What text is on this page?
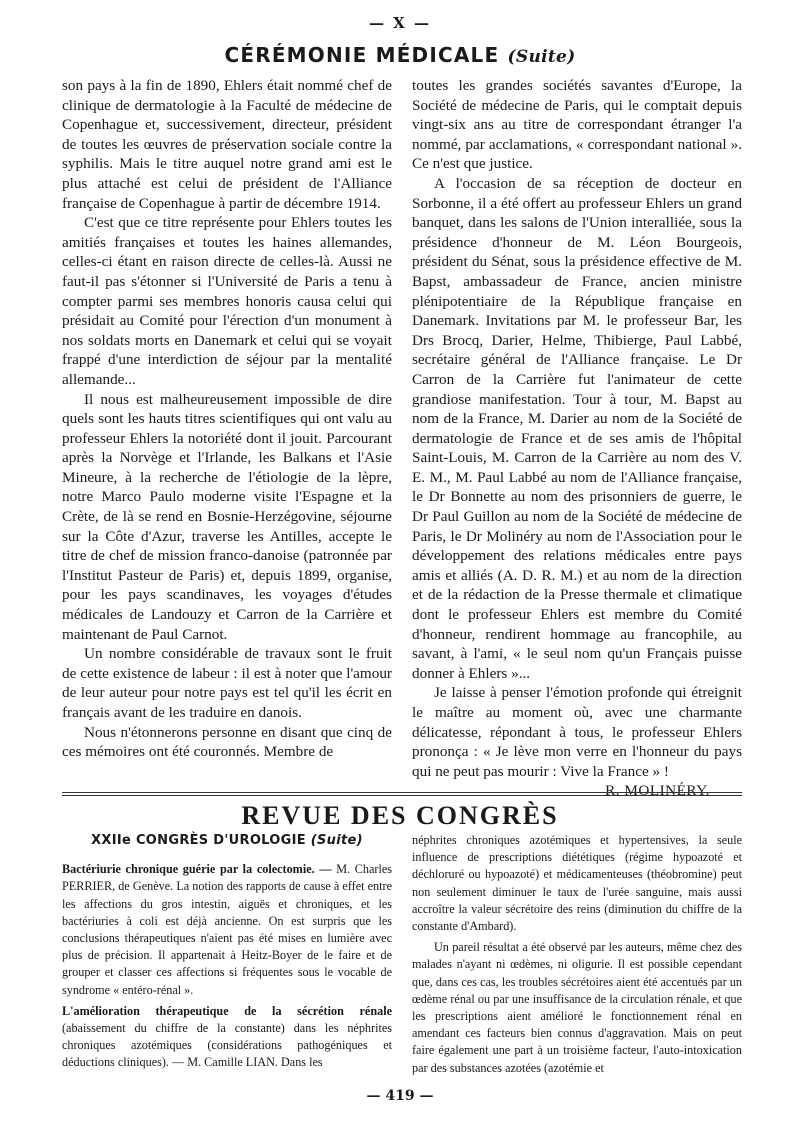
— X —
CÉRÉMONIE MÉDICALE (Suite)

son pays à la fin de 1890, Ehlers était nommé chef de clinique de dermatologie à la Faculté de médecine de Copenhague et, successivement, directeur, président de toutes les œuvres de préservation sociale contre la syphilis. Mais le titre auquel notre grand ami est le plus attaché est celui de président de l'Alliance française de Copenhague à partir de décembre 1914.

C'est que ce titre représente pour Ehlers toutes les amitiés françaises et toutes les haines allemandes, celles-ci étant en raison directe de celles-là. Aussi ne faut-il pas s'étonner si l'Université de Paris a tenu à compter parmi ses membres honoris causa celui qui présidait au Comité pour l'érection d'un monument à nos soldats morts en Danemark et celui qui se voyait frappé d'une interdiction de séjour par la mentalité allemande...

Il nous est malheureusement impossible de dire quels sont les hauts titres scientifiques qui ont valu au professeur Ehlers la notoriété dont il jouit. Parcourant après la Norvège et l'Irlande, les Balkans et l'Asie Mineure, à la recherche de l'étiologie de la lèpre, notre Marco Paulo moderne visite l'Espagne et la Crète, de là se rend en Bosnie-Herzégovine, séjourne sur la Côte d'Azur, traverse les Antilles, accepte le titre de chef de mission franco-danoise (patronnée par l'Institut Pasteur de Paris) et, depuis 1899, organise, pour les pays scandinaves, les voyages d'études médicales de Landouzy et Carron de la Carrière et maintenant de Paul Carnot.

Un nombre considérable de travaux sont le fruit de cette existence de labeur : il est à noter que l'amour de leur auteur pour notre pays est tel qu'il les écrit en français avant de les traduire en danois.

Nous n'étonnerons personne en disant que cinq de ces mémoires ont été couronnés. Membre de

toutes les grandes sociétés savantes d'Europe, la Société de médecine de Paris, qui le comptait depuis vingt-six ans au titre de correspondant étranger l'a nommé, par acclamations, « correspondant national ». Ce n'est que justice.

A l'occasion de sa réception de docteur en Sorbonne, il a été offert au professeur Ehlers un grand banquet, dans les salons de l'Union interalliée, sous la présidence d'honneur de M. Léon Bourgeois, président du Sénat, sous la présidence effective de M. Bapst, ambassadeur de France, ancien ministre plénipotentiaire de la République française en Danemark. Invitations par M. le professeur Bar, les Drs Brocq, Darier, Helme, Thibierge, Paul Labbé, secrétaire général de l'Alliance française. Le Dr Carron de la Carrière fut l'animateur de cette grandiose manifestation. Tour à tour, M. Bapst au nom de la France, M. Darier au nom de la Société de dermatologie de France et de ses amis de l'hôpital Saint-Louis, M. Carron de la Carrière au nom des V. E. M., M. Paul Labbé au nom de l'Alliance française, le Dr Bonnette au nom des prisonniers de guerre, le Dr Paul Guillon au nom de la Société de médecine de Paris, le Dr Molinéry au nom de l'Association pour le développement des relations médicales entre pays amis et alliés (A. D. R. M.) et au nom de la direction et de la rédaction de la Presse thermale et climatique dont le professeur Ehlers est membre du Comité d'honneur, rendirent hommage au francophile, au savant, à l'ami, « le seul nom qu'un Français puisse donner à Ehlers »...

Je laisse à penser l'émotion profonde qui étreignit le maître au moment où, avec une charmante délicatesse, répondant à tous, le professeur Ehlers prononça : « Je lève mon verre en l'honneur du pays qui ne peut pas mourir : Vive la France » !

R. MOLINÉRY.
REVUE DES CONGRÈS
XXIIe CONGRÈS D'UROLOGIE (Suite)

Bactériurie chronique guérie par la colectomie. — M. Charles PERRIER, de Genève. La notion des rapports de cause à effet entre les affections du gros intestin, aiguës et chroniques, et les bactériuries à coli est déjà ancienne. On est surpris que les conclusions thérapeutiques n'aient pas été mises en lumière avec plus de précision. Il appartenait à Heitz-Boyer de le faire et de grouper et classer ces affections si fréquentes sous le vocable de syndrome « entéro-rénal ».

L'amélioration thérapeutique de la sécrétion rénale (abaissement du chiffre de la constante) dans les néphrites chroniques azotémiques (considérations pathogéniques et déductions cliniques). — M. Camille LIAN. Dans les

néphrites chroniques azotémiques et hypertensives, la seule influence de prescriptions diététiques (régime hypoazoté et déchloruré ou hypoazoté) et médicamenteuses (théobromine) peut non seulement diminuer le taux de l'urée sanguine, mais aussi accroître la valeur sécrétoire des reins (diminution du chiffre de la constante d'Ambard).

Un pareil résultat a été observé par les auteurs, même chez des malades n'ayant ni œdèmes, ni oligurie. Il est possible cependant que, dans ces cas, les troubles sécrétoires aient été accentués par un œdème rénal ou par une insuffisance de la circulation rénale, et que les prescriptions aient amélioré le fonctionnement rénal en amendant ces facteurs bien connus d'aggravation. Mais on peut faire également une part à un troisième facteur, l'auto-intoxication par des substances azotées (azotémie et

— 419 —
